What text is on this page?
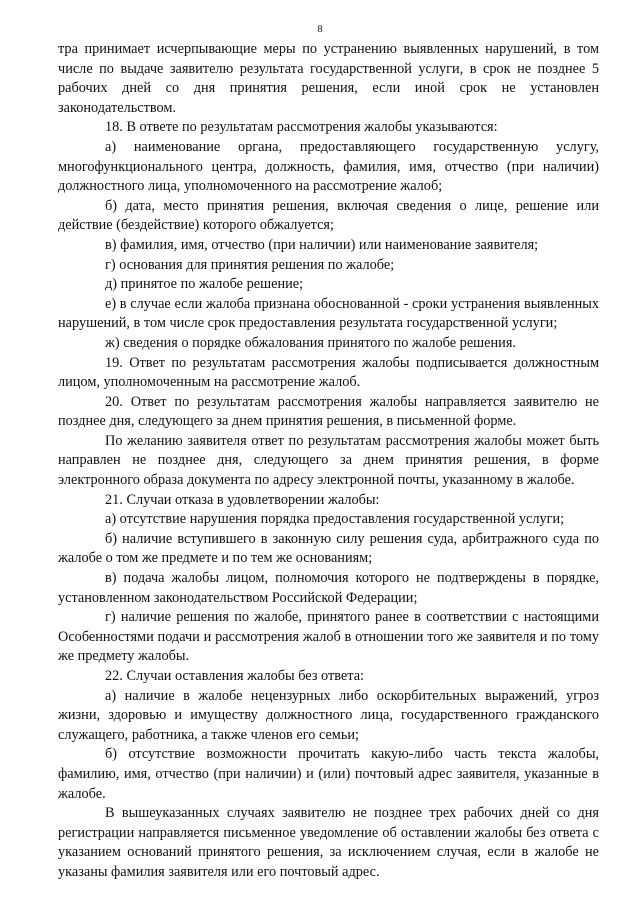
8

тра принимает исчерпывающие меры по устранению выявленных нарушений, в том числе по выдаче заявителю результата государственной услуги, в срок не позднее 5 рабочих дней со дня принятия решения, если иной срок не установлен законодательством.

18. В ответе по результатам рассмотрения жалобы указываются:

а) наименование органа, предоставляющего государственную услугу, многофункционального центра, должность, фамилия, имя, отчество (при наличии) должностного лица, уполномоченного на рассмотрение жалоб;

б) дата, место принятия решения, включая сведения о лице, решение или действие (бездействие) которого обжалуется;

в) фамилия, имя, отчество (при наличии) или наименование заявителя;

г) основания для принятия решения по жалобе;

д) принятое по жалобе решение;

е) в случае если жалоба признана обоснованной - сроки устранения выявленных нарушений, в том числе срок предоставления результата государственной услуги;

ж) сведения о порядке обжалования принятого по жалобе решения.

19. Ответ по результатам рассмотрения жалобы подписывается должностным лицом, уполномоченным на рассмотрение жалоб.

20. Ответ по результатам рассмотрения жалобы направляется заявителю не позднее дня, следующего за днем принятия решения, в письменной форме.

По желанию заявителя ответ по результатам рассмотрения жалобы может быть направлен не позднее дня, следующего за днем принятия решения, в форме электронного образа документа по адресу электронной почты, указанному в жалобе.

21. Случаи отказа в удовлетворении жалобы:

а) отсутствие нарушения порядка предоставления государственной услуги;

б) наличие вступившего в законную силу решения суда, арбитражного суда по жалобе о том же предмете и по тем же основаниям;

в) подача жалобы лицом, полномочия которого не подтверждены в порядке, установленном законодательством Российской Федерации;

г) наличие решения по жалобе, принятого ранее в соответствии с настоящими Особенностями подачи и рассмотрения жалоб в отношении того же заявителя и по тому же предмету жалобы.

22. Случаи оставления жалобы без ответа:

а) наличие в жалобе нецензурных либо оскорбительных выражений, угроз жизни, здоровью и имуществу должностного лица, государственного гражданского служащего, работника, а также членов его семьи;

б) отсутствие возможности прочитать какую-либо часть текста жалобы, фамилию, имя, отчество (при наличии) и (или) почтовый адрес заявителя, указанные в жалобе.

В вышеуказанных случаях заявителю не позднее трех рабочих дней со дня регистрации направляется письменное уведомление об оставлении жалобы без ответа с указанием оснований принятого решения, за исключением случая, если в жалобе не указаны фамилия заявителя или его почтовый адрес.
